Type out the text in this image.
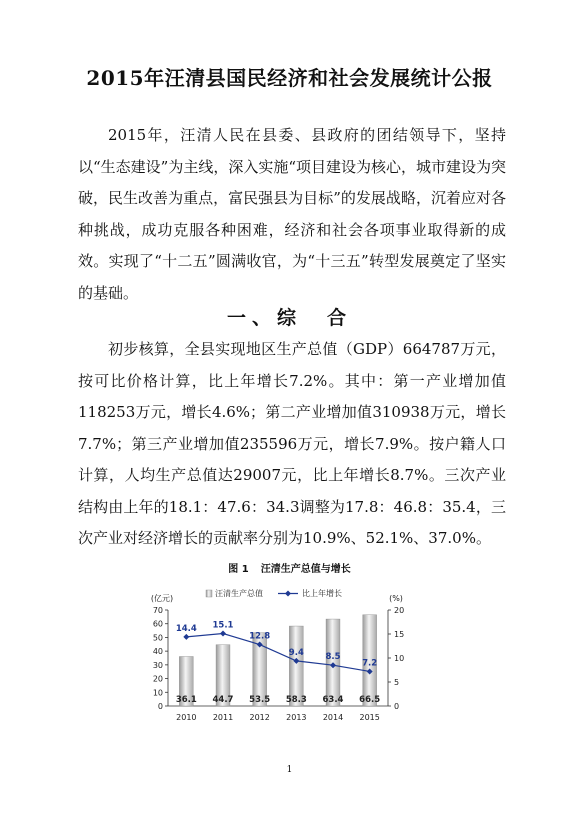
2015年汪清县国民经济和社会发展统计公报

2015年，汪清人民在县委、县政府的团结领导下，坚持以“生态建设”为主线，深入实施“项目建设为核心，城市建设为突破，民生改善为重点，富民强县为目标”的发展战略，沉着应对各种挑战，成功克服各种困难，经济和社会各项事业取得新的成效。实现了“十二五”圆满收官，为“十三五”转型发展奠定了坚实的基础。

一、综　合

初步核算，全县实现地区生产总值（GDP）664787万元，按可比价格计算，比上年增长7.2%。其中：第一产业增加值118253万元，增长4.6%；第二产业增加值310938万元，增长7.7%；第三产业增加值235596万元，增长7.9%。按户籍人口计算，人均生产总值达29007元，比上年增长8.7%。三次产业结构由上年的18.1：47.6：34.3调整为17.8：46.8：35.4，三次产业对经济增长的贡献率分别为10.9%、52.1%、37.0%。

图 1 汪清生产总值与增长
0
10
20
30
40
50
60
70
0
5
10
15
20
(亿元)	(%)
汪清生产总值	比上年增长
36.1
2010
44.7
2011
53.5
2012
58.3
2013
63.4
2014
66.5
2015
14.4 15.1
12.8
9.4	8.5
7.2
1
